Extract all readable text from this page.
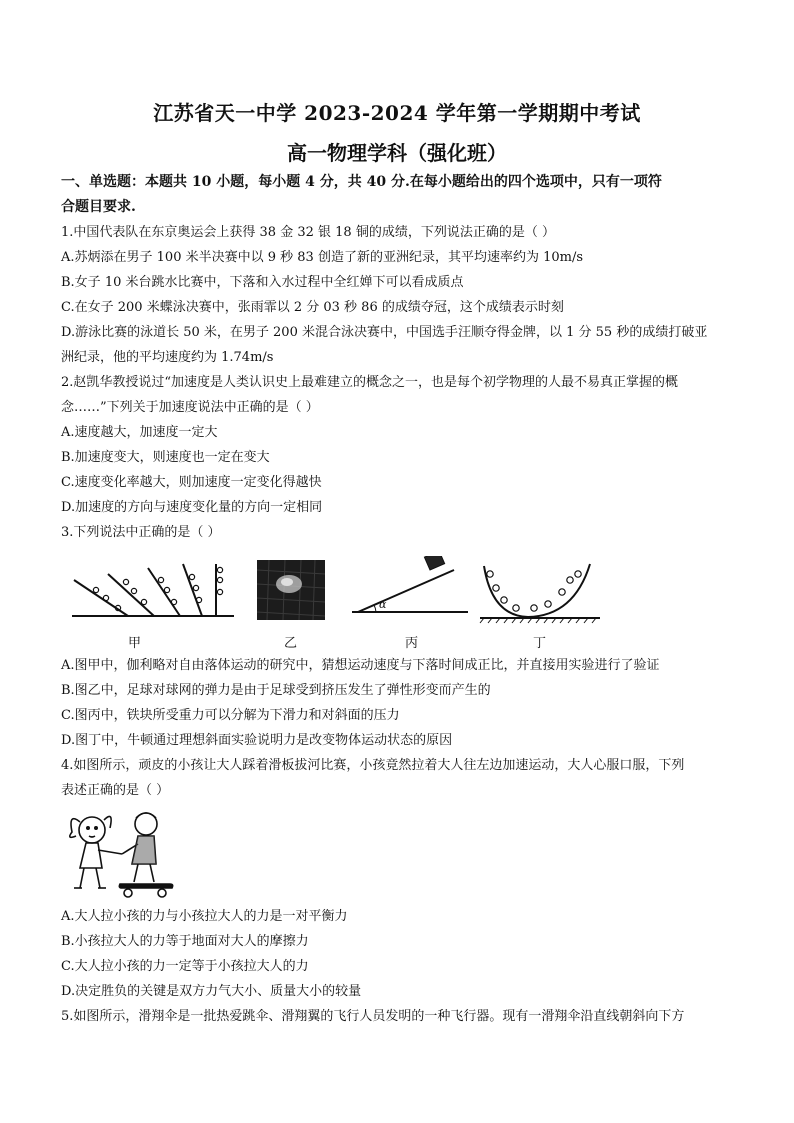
江苏省天一中学 2023-2024 学年第一学期期中考试
高一物理学科（强化班）
一、单选题：本题共 10 小题，每小题 4 分，共 40 分.在每小题给出的四个选项中，只有一项符
合题目要求.
1.中国代表队在东京奥运会上获得 38 金 32 银 18 铜的成绩，下列说法正确的是（ ）
A.苏炳添在男子 100 米半决赛中以 9 秒 83 创造了新的亚洲纪录，其平均速率约为 10m/s
B.女子 10 米台跳水比赛中，下落和入水过程中全红婵下可以看成质点
C.在女子 200 米蝶泳决赛中，张雨霏以 2 分 03 秒 86 的成绩夺冠，这个成绩表示时刻
D.游泳比赛的泳道长 50 米，在男子 200 米混合泳决赛中，中国选手汪顺夺得金牌，以 1 分 55 秒的成绩打破亚
洲纪录，他的平均速度约为 1.74m/s
2.赵凯华教授说过“加速度是人类认识史上最难建立的概念之一，也是每个初学物理的人最不易真正掌握的概
念……”下列关于加速度说法中正确的是（ ）
A.速度越大，加速度一定大
B.加速度变大，则速度也一定在变大
C.速度变化率越大，则加速度一定变化得越快
D.加速度的方向与速度变化量的方向一定相同
3.下列说法中正确的是（ ）
甲	乙
α
丙	丁
A.图甲中，伽利略对自由落体运动的研究中，猜想运动速度与下落时间成正比，并直接用实验进行了验证
B.图乙中，足球对球网的弹力是由于足球受到挤压发生了弹性形变而产生的
C.图丙中，铁块所受重力可以分解为下滑力和对斜面的压力
D.图丁中，牛顿通过理想斜面实验说明力是改变物体运动状态的原因
4.如图所示，顽皮的小孩让大人踩着滑板拔河比赛，小孩竟然拉着大人往左边加速运动，大人心服口服，下列
表述正确的是（ ）
A.大人拉小孩的力与小孩拉大人的力是一对平衡力
B.小孩拉大人的力等于地面对大人的摩擦力
C.大人拉小孩的力一定等于小孩拉大人的力
D.决定胜负的关键是双方力气大小、质量大小的较量
5.如图所示，滑翔伞是一批热爱跳伞、滑翔翼的飞行人员发明的一种飞行器。现有一滑翔伞沿直线朝斜向下方
